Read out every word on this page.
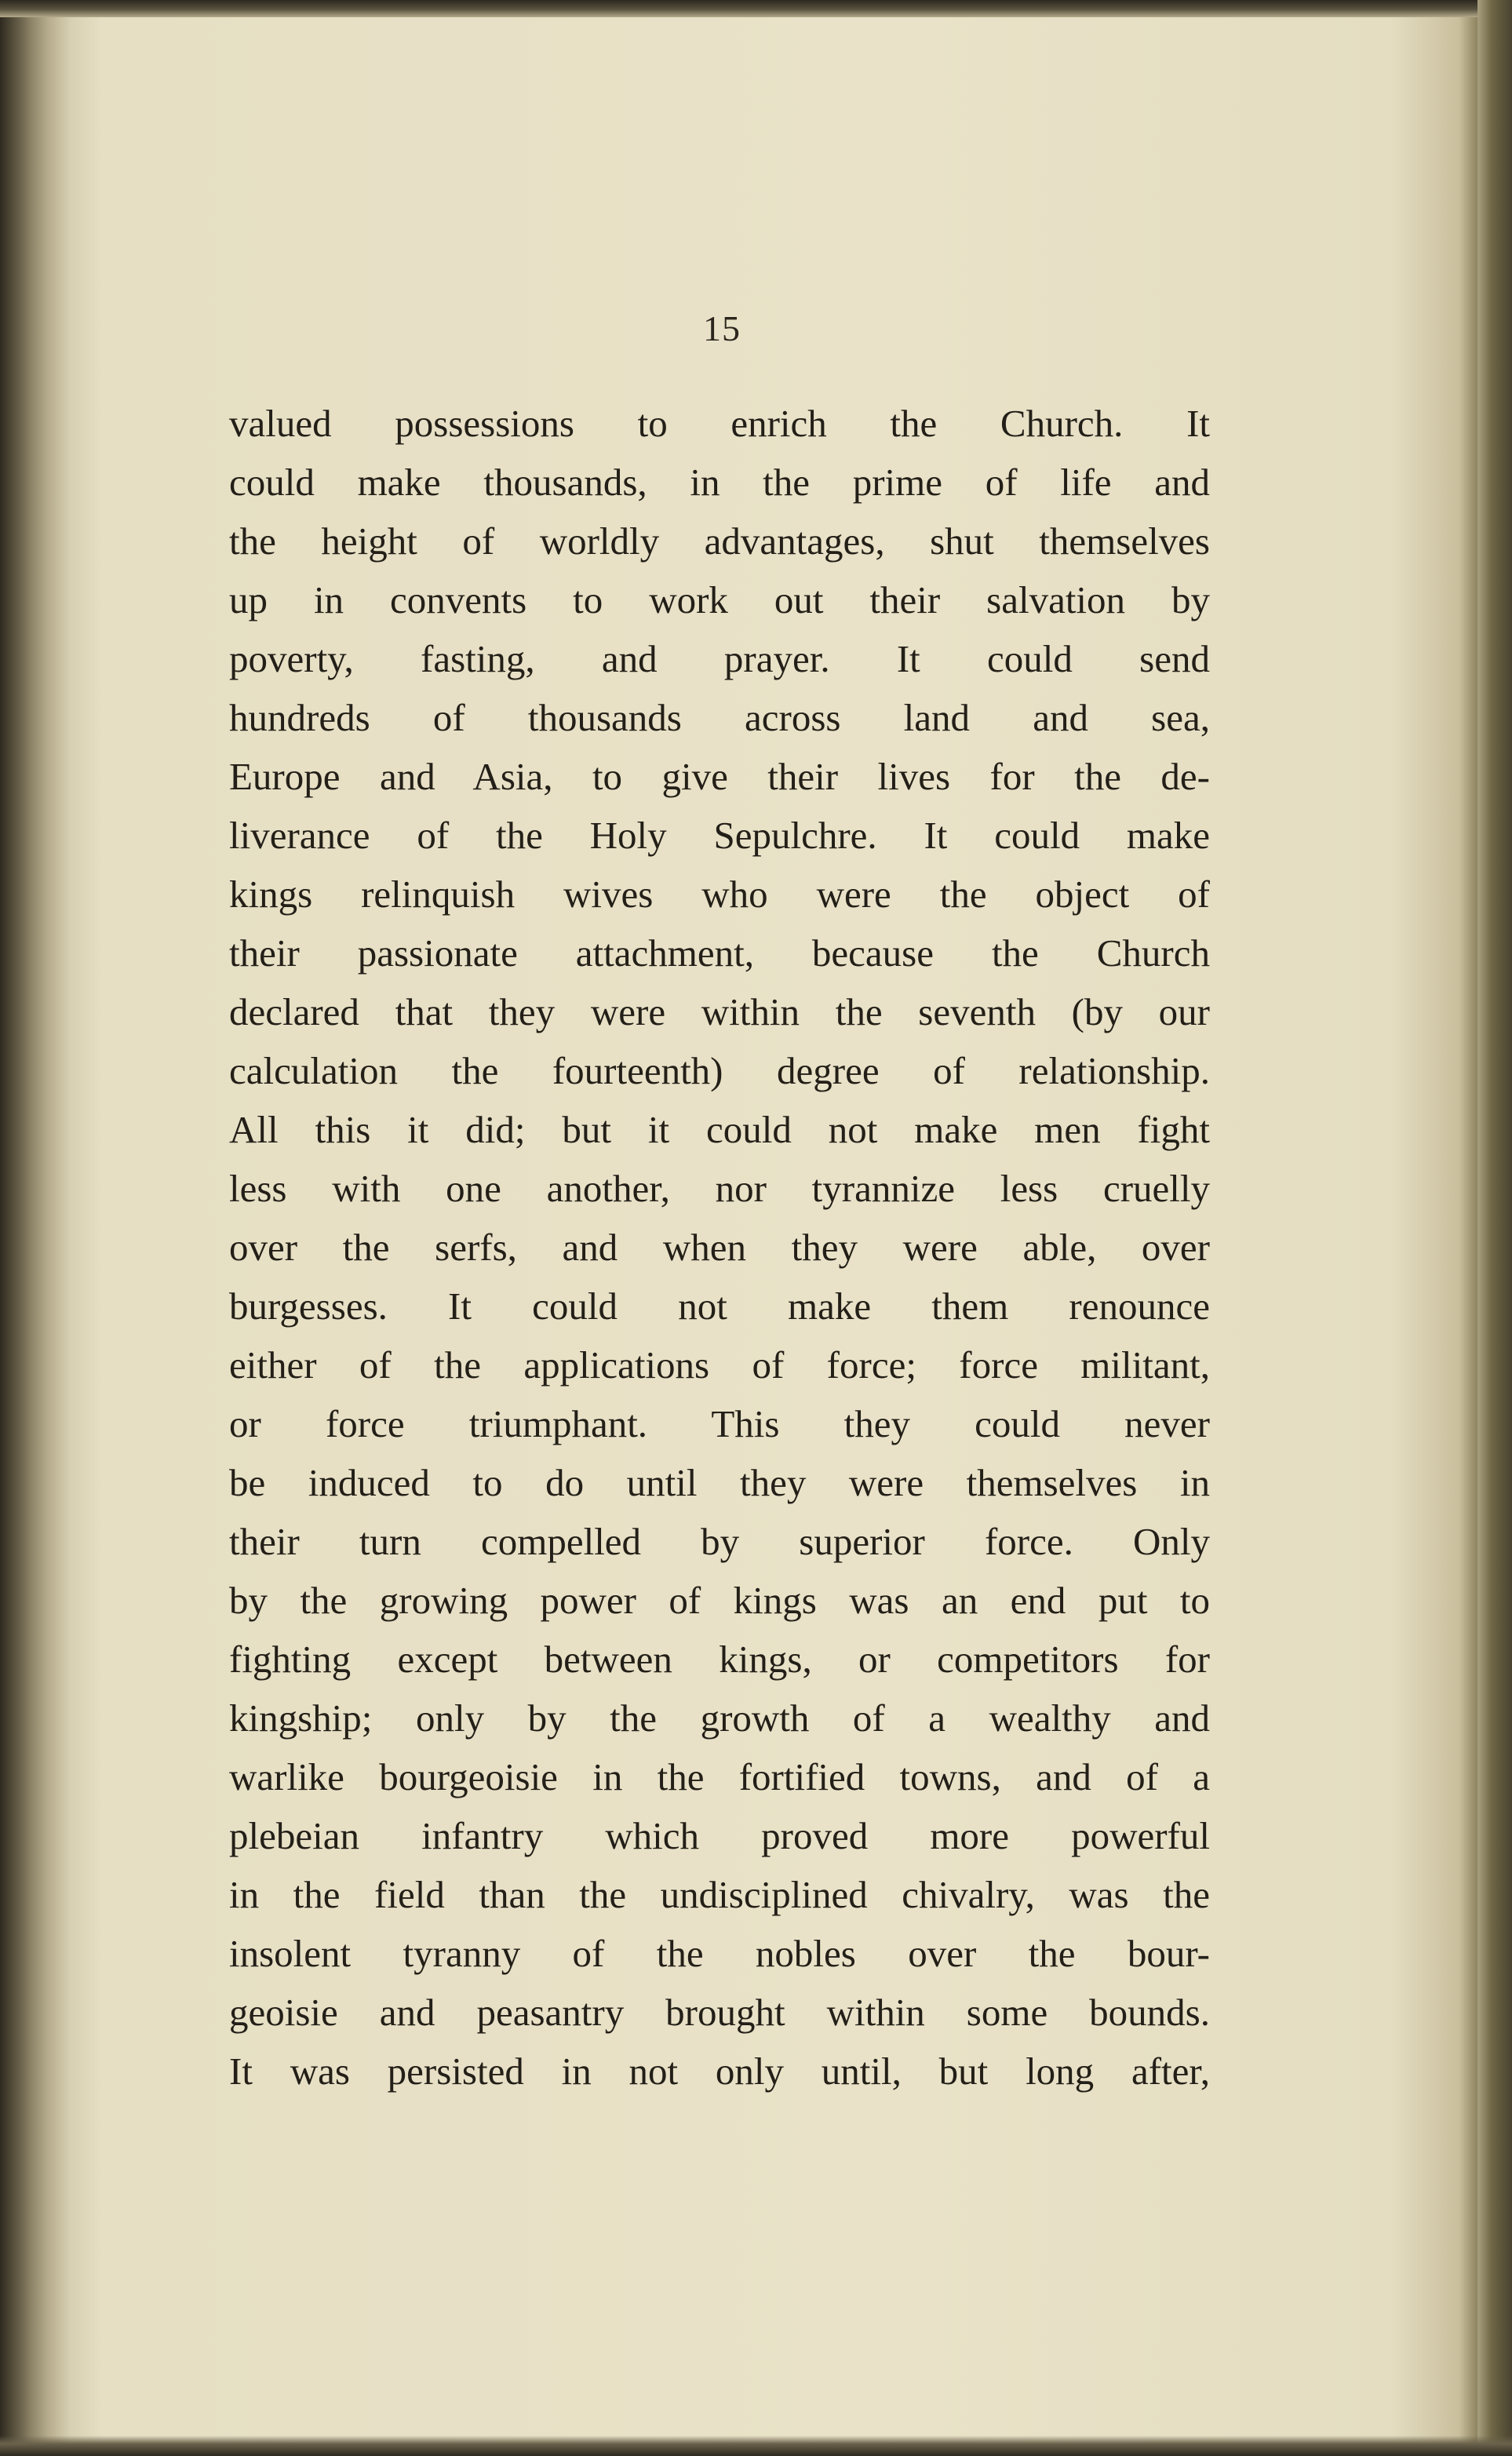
15
valued possessions to enrich the Church. It
could make thousands, in the prime of life and
the height of worldly advantages, shut themselves
up in convents to work out their salvation by
poverty, fasting, and prayer. It could send
hundreds of thousands across land and sea,
Europe and Asia, to give their lives for the de-
liverance of the Holy Sepulchre. It could make
kings relinquish wives who were the object of
their passionate attachment, because the Church
declared that they were within the seventh (by our
calculation the fourteenth) degree of relationship.
All this it did; but it could not make men fight
less with one another, nor tyrannize less cruelly
over the serfs, and when they were able, over
burgesses. It could not make them renounce
either of the applications of force; force militant,
or force triumphant. This they could never
be induced to do until they were themselves in
their turn compelled by superior force. Only
by the growing power of kings was an end put to
fighting except between kings, or competitors for
kingship; only by the growth of a wealthy and
warlike bourgeoisie in the fortified towns, and of a
plebeian infantry which proved more powerful
in the field than the undisciplined chivalry, was the
insolent tyranny of the nobles over the bour-
geoisie and peasantry brought within some bounds.
It was persisted in not only until, but long after,
